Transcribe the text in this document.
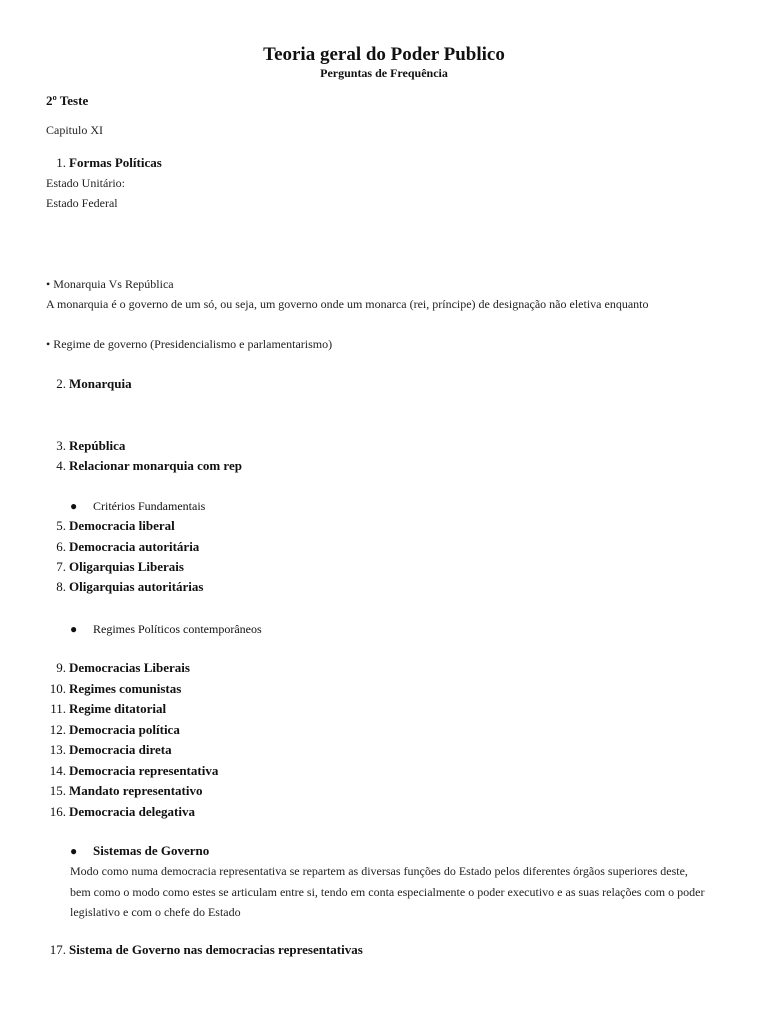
Teoria geral do Poder Publico
Perguntas de Frequência
2º Teste
Capitulo XI
1. Formas Políticas
Estado Unitário:
Estado Federal
• Monarquia Vs República
A monarquia é o governo de um só, ou seja, um governo onde um monarca (rei, príncipe) de designação não eletiva enquanto
• Regime de governo (Presidencialismo e parlamentarismo)
2. Monarquia
3. República
4. Relacionar monarquia com rep
● Critérios Fundamentais
5. Democracia liberal
6. Democracia autoritária
7. Oligarquias Liberais
8. Oligarquias autoritárias
● Regimes Políticos contemporâneos
9. Democracias Liberais
10. Regimes comunistas
11. Regime ditatorial
12. Democracia política
13. Democracia direta
14. Democracia representativa
15. Mandato representativo
16. Democracia delegativa
● Sistemas de Governo
Modo como numa democracia representativa se repartem as diversas funções do Estado pelos diferentes órgãos superiores deste, bem como o modo como estes se articulam entre si, tendo em conta especialmente o poder executivo e as suas relações com o poder legislativo e com o chefe do Estado
17. Sistema de Governo nas democracias representativas
